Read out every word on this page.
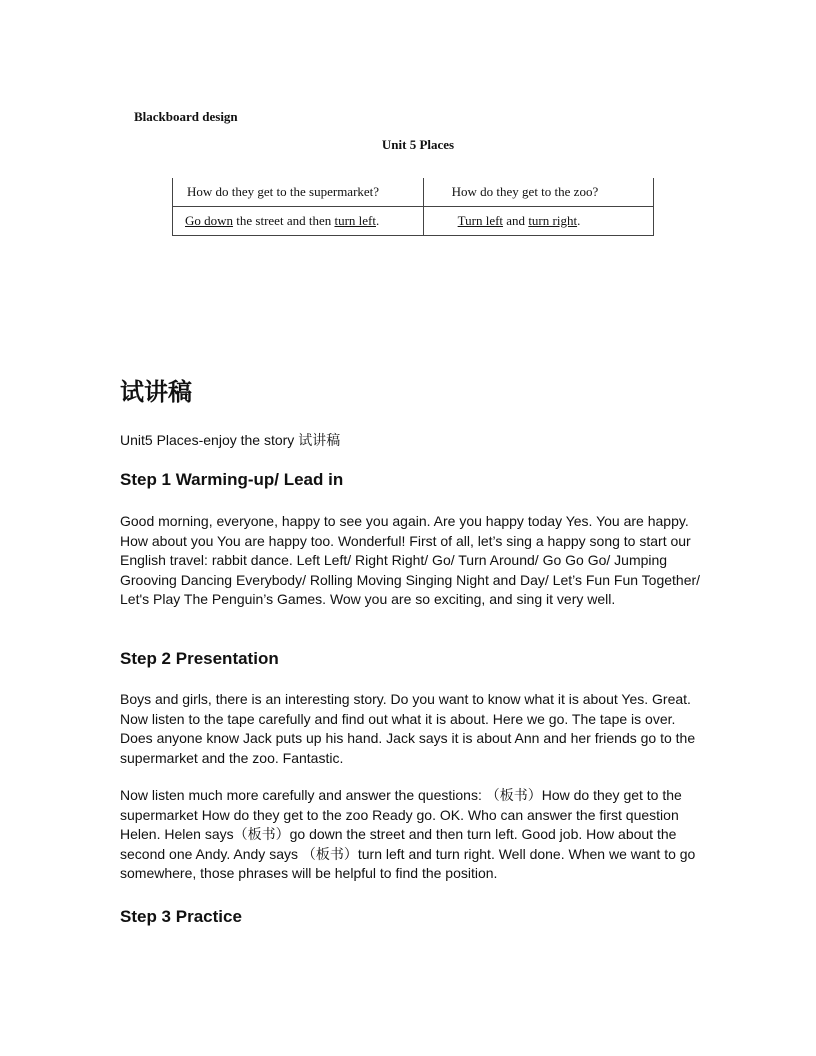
Blackboard design
Unit 5 Places
How do they get to the supermarket?	How do they get to the zoo?
Go down the street and then turn left.	Turn left and turn right.
试讲稿
Unit5 Places-enjoy the story 试讲稿
Step 1 Warming-up/ Lead in

Good morning, everyone, happy to see you again. Are you happy today Yes. You are happy. How about you You are happy too. Wonderful! First of all, let’s sing a happy song to start our English travel: rabbit dance. Left Left/ Right Right/ Go/ Turn Around/ Go Go Go/ Jumping Grooving Dancing Everybody/ Rolling Moving Singing Night and Day/ Let’s Fun Fun Together/ Let's Play The Penguin’s Games. Wow you are so exciting, and sing it very well.

Step 2 Presentation

Boys and girls, there is an interesting story. Do you want to know what it is about Yes. Great. Now listen to the tape carefully and find out what it is about. Here we go. The tape is over. Does anyone know Jack puts up his hand. Jack says it is about Ann and her friends go to the supermarket and the zoo. Fantastic.

Now listen much more carefully and answer the questions: （板书）How do they get to the supermarket How do they get to the zoo Ready go. OK. Who can answer the first question Helen. Helen says（板书）go down the street and then turn left. Good job. How about the second one Andy. Andy says （板书）turn left and turn right. Well done. When we want to go somewhere, those phrases will be helpful to find the position.

Step 3 Practice
